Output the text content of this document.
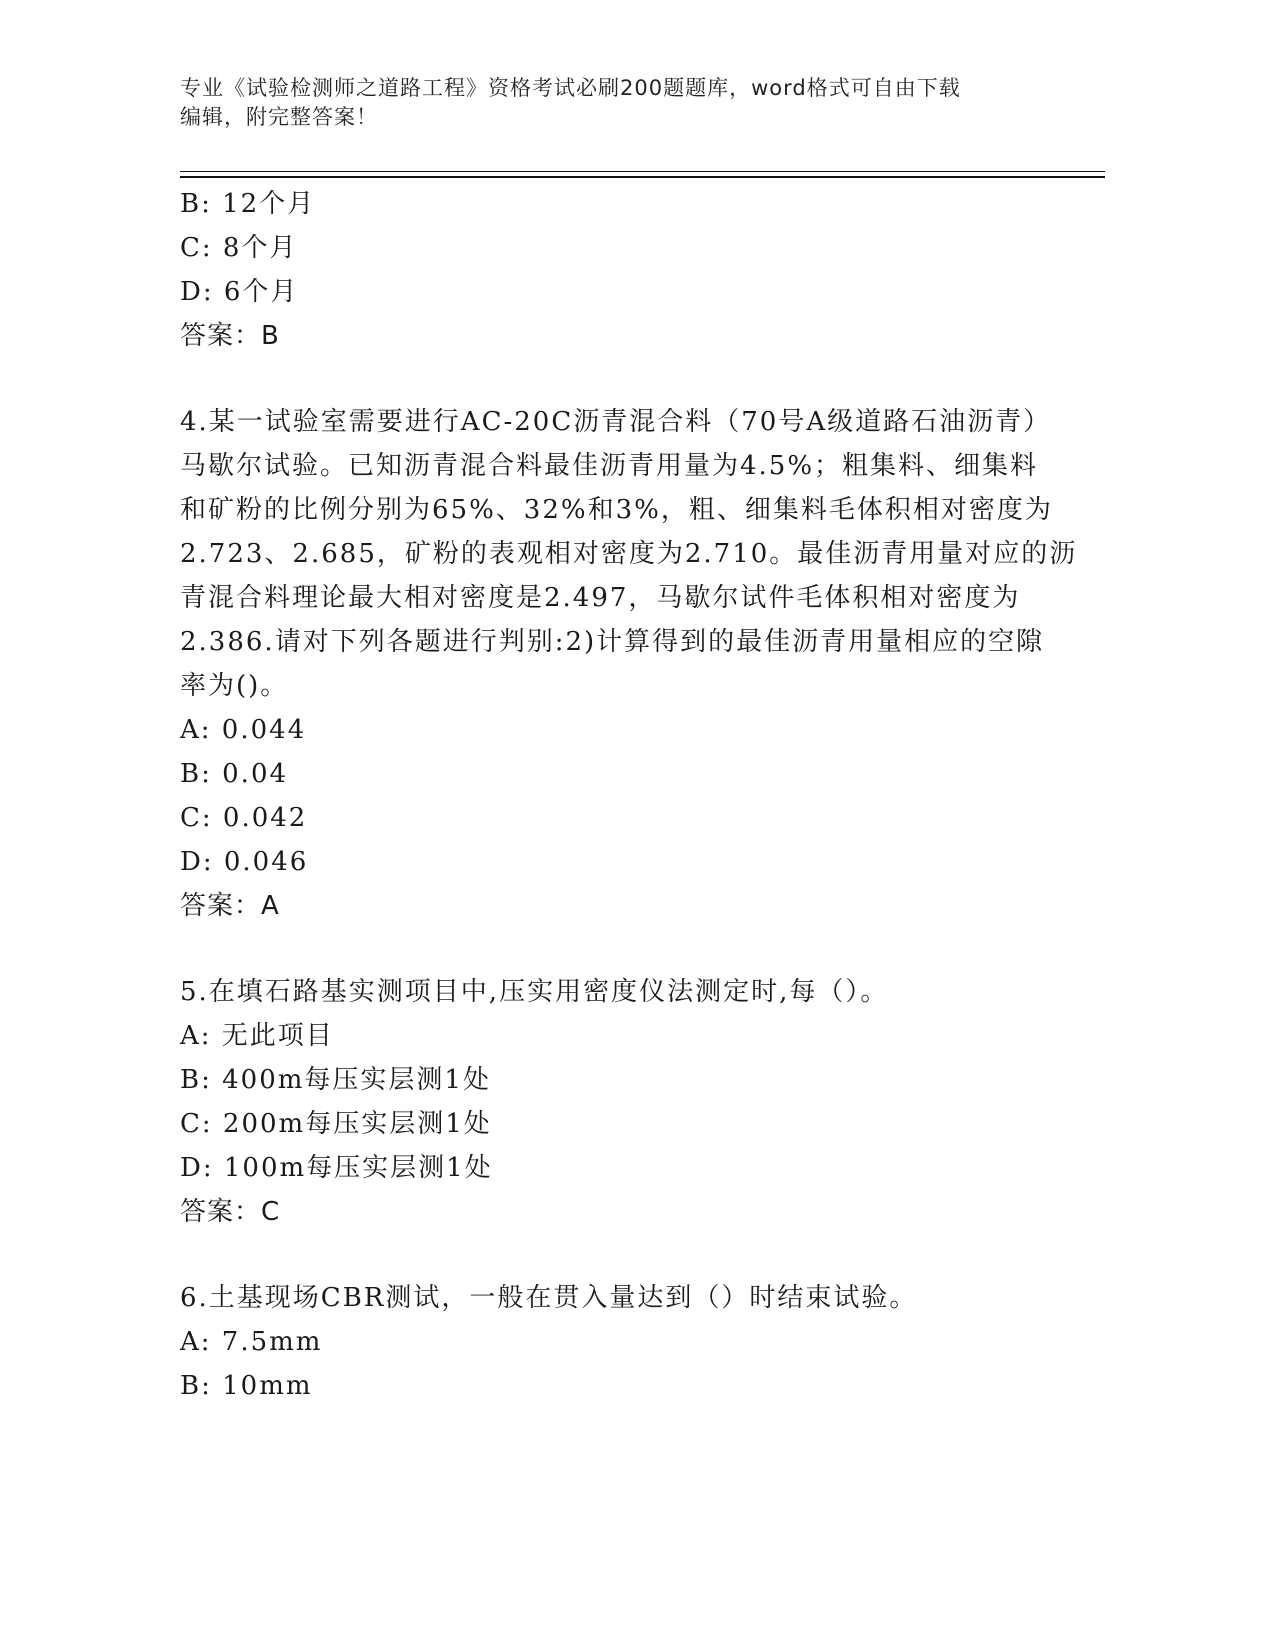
专业《试验检测师之道路工程》资格考试必刷200题题库，word格式可自由下载
编辑，附完整答案！

B: 12个月

C: 8个月

D: 6个月

答案：B

4.某一试验室需要进行AC-20C沥青混合料（70号A级道路石油沥青）

马歇尔试验。已知沥青混合料最佳沥青用量为4.5%；粗集料、细集料

和矿粉的比例分别为65%、32%和3%，粗、细集料毛体积相对密度为

2.723、2.685，矿粉的表观相对密度为2.710。最佳沥青用量对应的沥

青混合料理论最大相对密度是2.497，马歇尔试件毛体积相对密度为

2.386.请对下列各题进行判别:2)计算得到的最佳沥青用量相应的空隙

率为()。

A: 0.044

B: 0.04

C: 0.042

D: 0.046

答案：A

5.在填石路基实测项目中,压实用密度仪法测定时,每（）。

A: 无此项目

B: 400m每压实层测1处

C: 200m每压实层测1处

D: 100m每压实层测1处

答案：C

6.土基现场CBR测试，一般在贯入量达到（）时结束试验。

A: 7.5mm

B: 10mm
